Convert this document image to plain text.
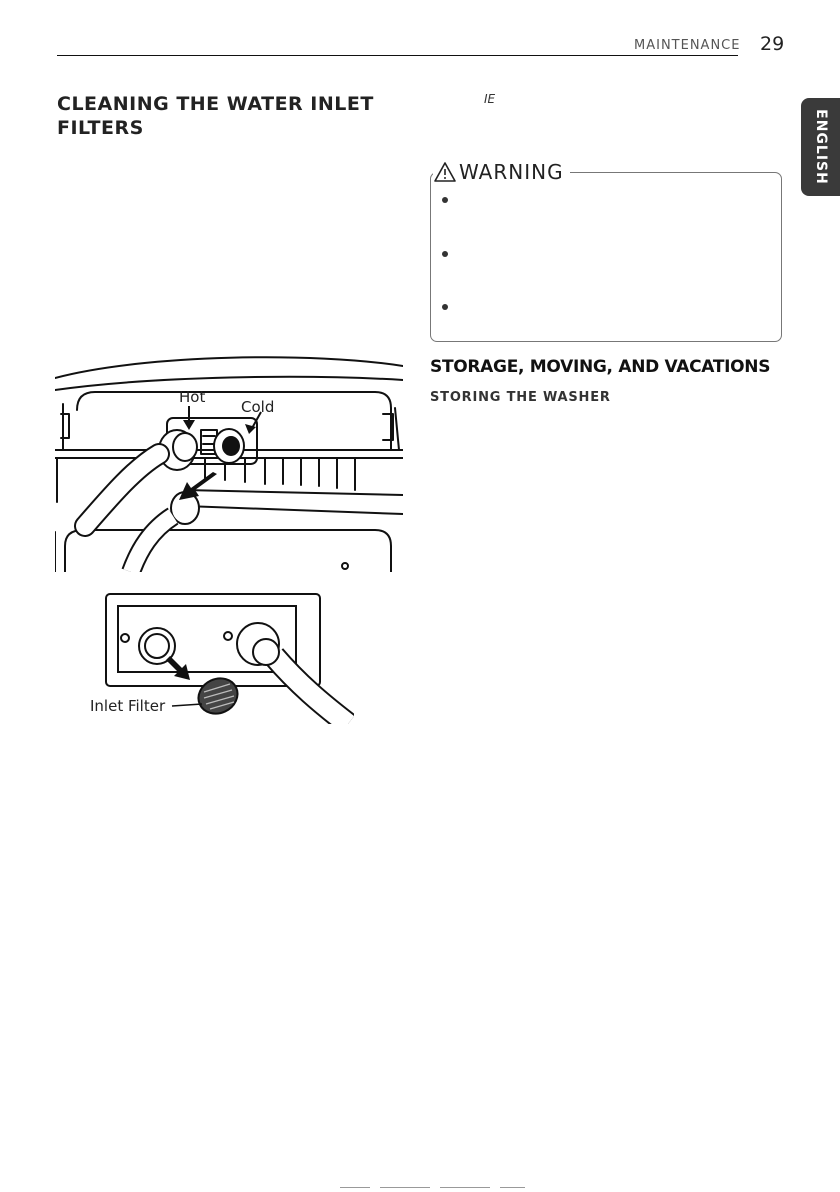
MAINTENANCE 29
ENGLISH
CLEANING THE WATER INLET FILTERS
Hot
Cold
Inlet Filter
IE
WARNING
STORAGE, MOVING, AND VACATIONS
STORING THE WASHER
